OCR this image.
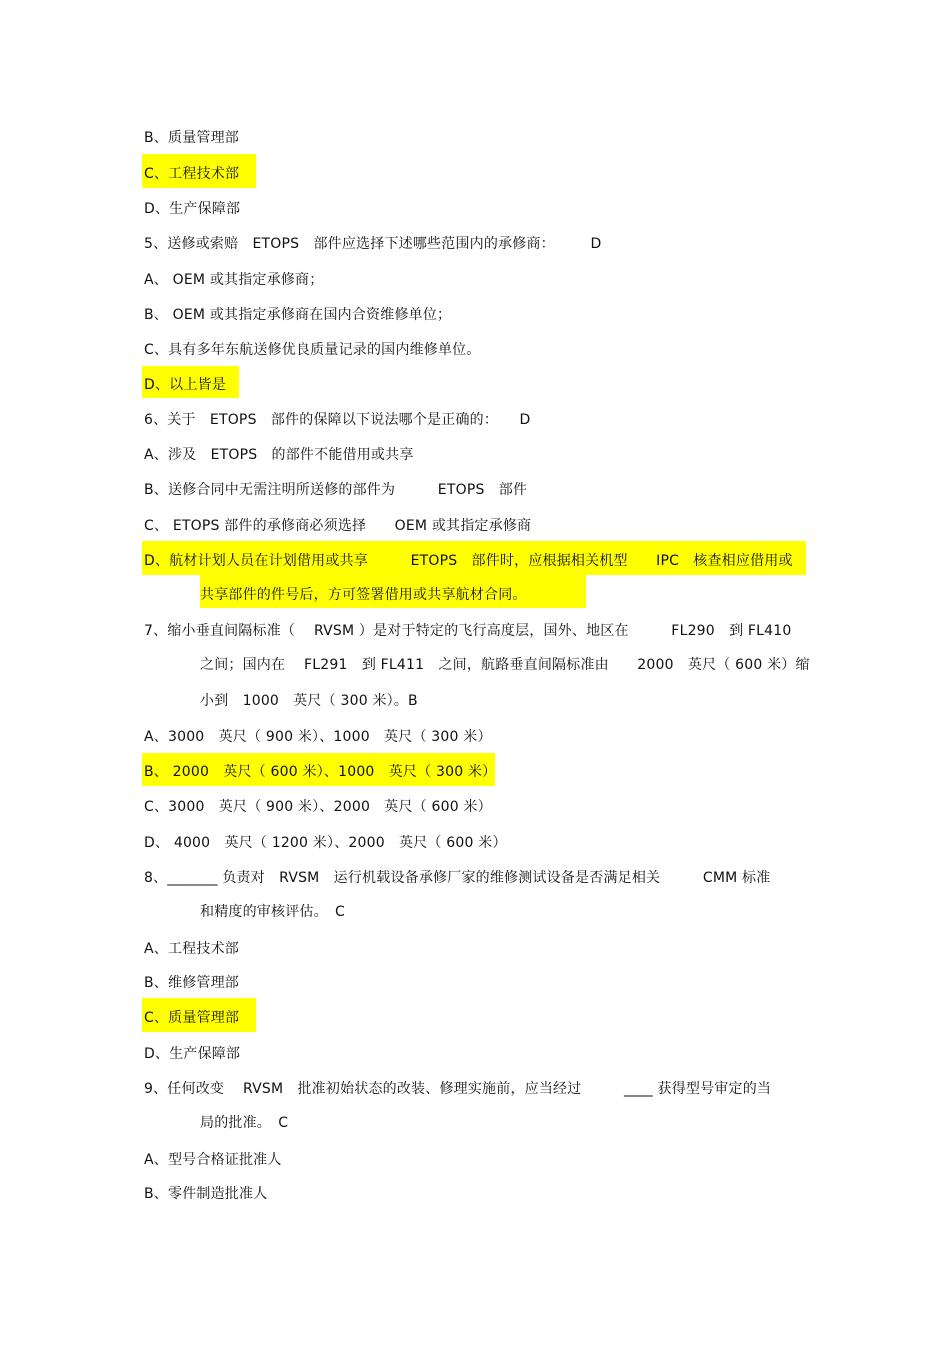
B、质量管理部
C、工程技术部
D、生产保障部
5、送修或索赔　ETOPS　部件应选择下述哪些范围内的承修商：　　　D
A、 OEM 或其指定承修商；
B、 OEM 或其指定承修商在国内合资维修单位；
C、具有多年东航送修优良质量记录的国内维修单位。
D、以上皆是
6、关于　ETOPS　部件的保障以下说法哪个是正确的：　　D
A、涉及　ETOPS　的部件不能借用或共享
B、送修合同中无需注明所送修的部件为　　　ETOPS　部件
C、 ETOPS 部件的承修商必须选择　　OEM 或其指定承修商
D、航材计划人员在计划借用或共享　　　ETOPS　部件时，应根据相关机型　　IPC　核查相应借用或
共享部件的件号后，方可签署借用或共享航材合同。
7、缩小垂直间隔标准（　 RVSM ）是对于特定的飞行高度层，国外、地区在　　　FL290　到 FL410
之间；国内在　 FL291　到 FL411　之间，航路垂直间隔标准由　　2000　英尺（ 600 米）缩
小到　1000　英尺（ 300 米）。B
A、3000　英尺（ 900 米）、1000　英尺（ 300 米）
B、 2000　英尺（ 600 米）、1000　英尺（ 300 米）
C、3000　英尺（ 900 米）、2000　英尺（ 600 米）
D、 4000　英尺（ 1200 米）、2000　英尺（ 600 米）
8、_______ 负责对　RVSM　运行机载设备承修厂家的维修测试设备是否满足相关　　　CMM 标准
和精度的审核评估。　C
A、工程技术部
B、维修管理部
C、质量管理部
D、生产保障部
9、任何改变　 RVSM　批准初始状态的改装、修理实施前，应当经过　　　____ 获得型号审定的当
局的批准。　C
A、型号合格证批准人
B、零件制造批准人
